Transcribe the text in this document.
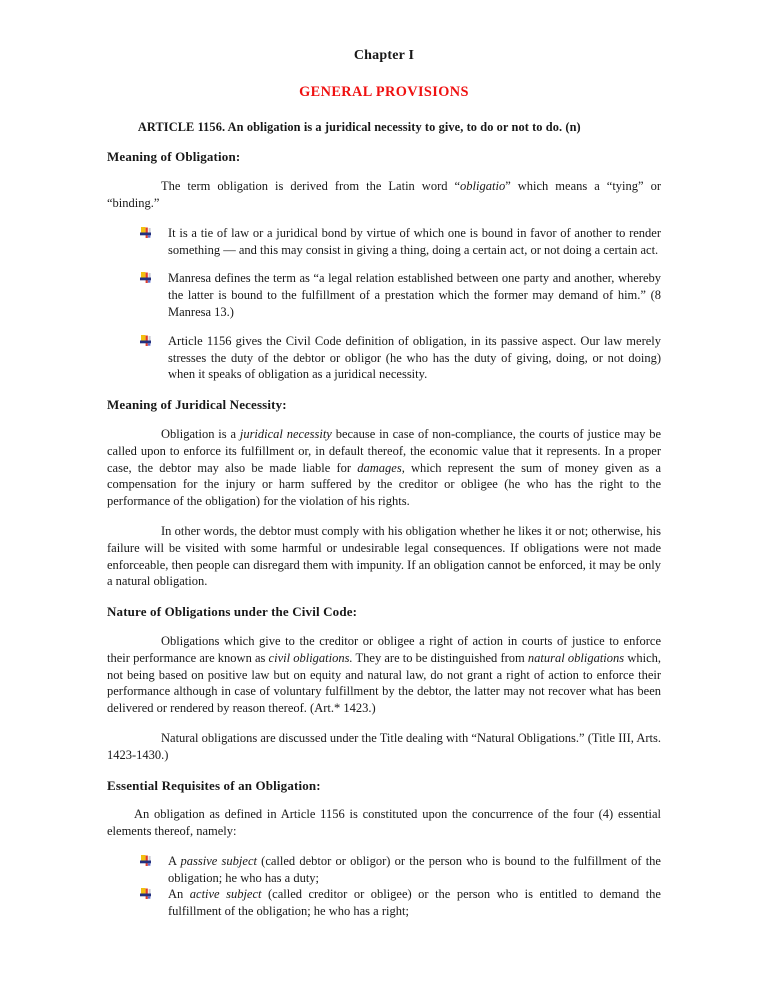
Chapter I
GENERAL PROVISIONS
ARTICLE 1156. An obligation is a juridical necessity to give, to do or not to do. (n)
Meaning of Obligation:

The term obligation is derived from the Latin word “obligatio” which means a “tying” or “binding.”

It is a tie of law or a juridical bond by virtue of which one is bound in favor of another to render something — and this may consist in giving a thing, doing a certain act, or not doing a certain act.
Manresa defines the term as “a legal relation established between one party and another, whereby the latter is bound to the fulfillment of a prestation which the former may demand of him.” (8 Manresa 13.)
Article 1156 gives the Civil Code definition of obligation, in its passive aspect. Our law merely stresses the duty of the debtor or obligor (he who has the duty of giving, doing, or not doing) when it speaks of obligation as a juridical necessity.
Meaning of Juridical Necessity:

Obligation is a juridical necessity because in case of non-compliance, the courts of justice may be called upon to enforce its fulfillment or, in default thereof, the economic value that it represents. In a proper case, the debtor may also be made liable for damages, which represent the sum of money given as a compensation for the injury or harm suffered by the creditor or obligee (he who has the right to the performance of the obligation) for the violation of his rights.

In other words, the debtor must comply with his obligation whether he likes it or not; otherwise, his failure will be visited with some harmful or undesirable legal consequences. If obligations were not made enforceable, then people can disregard them with impunity. If an obligation cannot be enforced, it may be only a natural obligation.

Nature of Obligations under the Civil Code:

Obligations which give to the creditor or obligee a right of action in courts of justice to enforce their performance are known as civil obligations. They are to be distinguished from natural obligations which, not being based on positive law but on equity and natural law, do not grant a right of action to enforce their performance although in case of voluntary fulfillment by the debtor, the latter may not recover what has been delivered or rendered by reason thereof. (Art.* 1423.)

Natural obligations are discussed under the Title dealing with “Natural Obligations.” (Title III, Arts. 1423-1430.)

Essential Requisites of an Obligation:

An obligation as defined in Article 1156 is constituted upon the concurrence of the four (4) essential elements thereof, namely:

A passive subject (called debtor or obligor) or the person who is bound to the fulfillment of the obligation; he who has a duty;
An active subject (called creditor or obligee) or the person who is entitled to demand the fulfillment of the obligation; he who has a right;
